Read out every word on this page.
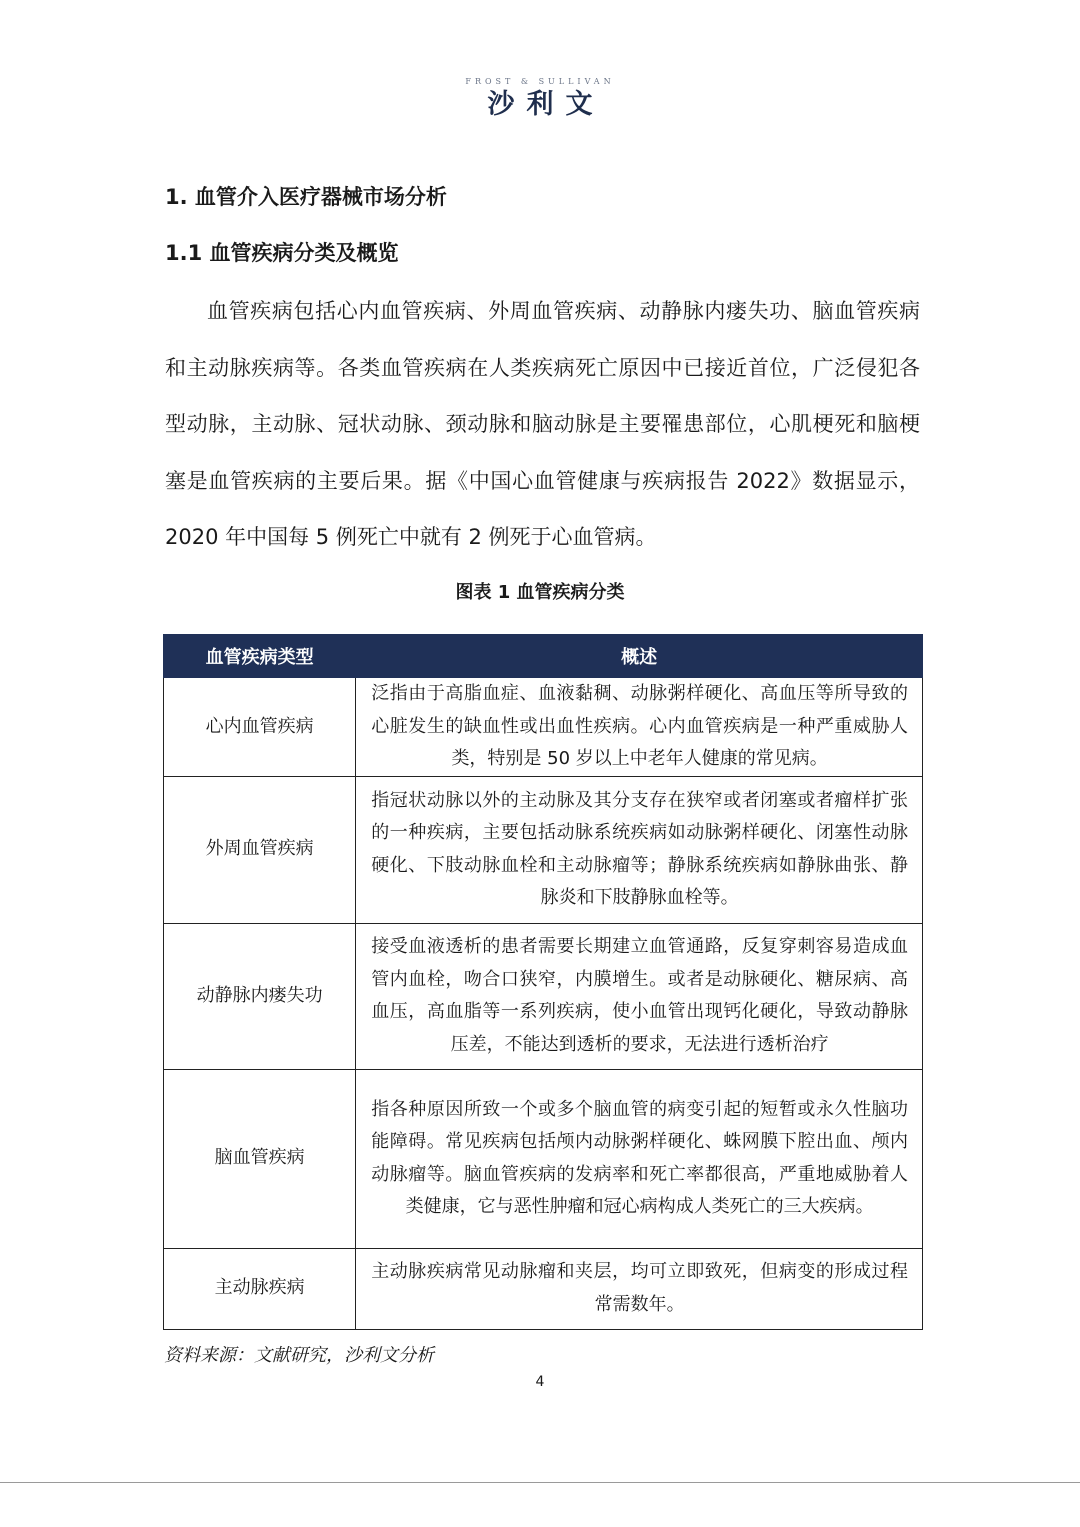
FROST & SULLIVAN
沙利文
1. 血管介入医疗器械市场分析
1.1 血管疾病分类及概览

血管疾病包括心内血管疾病、外周血管疾病、动静脉内瘘失功、脑血管疾病和主动脉疾病等。各类血管疾病在人类疾病死亡原因中已接近首位，广泛侵犯各型动脉，主动脉、冠状动脉、颈动脉和脑动脉是主要罹患部位，心肌梗死和脑梗塞是血管疾病的主要后果。据《中国心血管健康与疾病报告 2022》数据显示，2020 年中国每 5 例死亡中就有 2 例死于心血管病。

图表 1 血管疾病分类
血管疾病类型	概述
心内血管疾病	泛指由于高脂血症、血液黏稠、动脉粥样硬化、高血压等所导致的心脏发生的缺血性或出血性疾病。心内血管疾病是一种严重威胁人类，特别是 50 岁以上中老年人健康的常见病。
外周血管疾病	指冠状动脉以外的主动脉及其分支存在狭窄或者闭塞或者瘤样扩张的一种疾病，主要包括动脉系统疾病如动脉粥样硬化、闭塞性动脉硬化、下肢动脉血栓和主动脉瘤等；静脉系统疾病如静脉曲张、静脉炎和下肢静脉血栓等。
动静脉内瘘失功	接受血液透析的患者需要长期建立血管通路，反复穿刺容易造成血管内血栓，吻合口狭窄，内膜增生。或者是动脉硬化、糖尿病、高血压，高血脂等一系列疾病，使小血管出现钙化硬化，导致动静脉压差，不能达到透析的要求，无法进行透析治疗
脑血管疾病	指各种原因所致一个或多个脑血管的病变引起的短暂或永久性脑功能障碍。常见疾病包括颅内动脉粥样硬化、蛛网膜下腔出血、颅内动脉瘤等。脑血管疾病的发病率和死亡率都很高，严重地威胁着人类健康，它与恶性肿瘤和冠心病构成人类死亡的三大疾病。
主动脉疾病	主动脉疾病常见动脉瘤和夹层，均可立即致死，但病变的形成过程常需数年。
资料来源：文献研究，沙利文分析
4
